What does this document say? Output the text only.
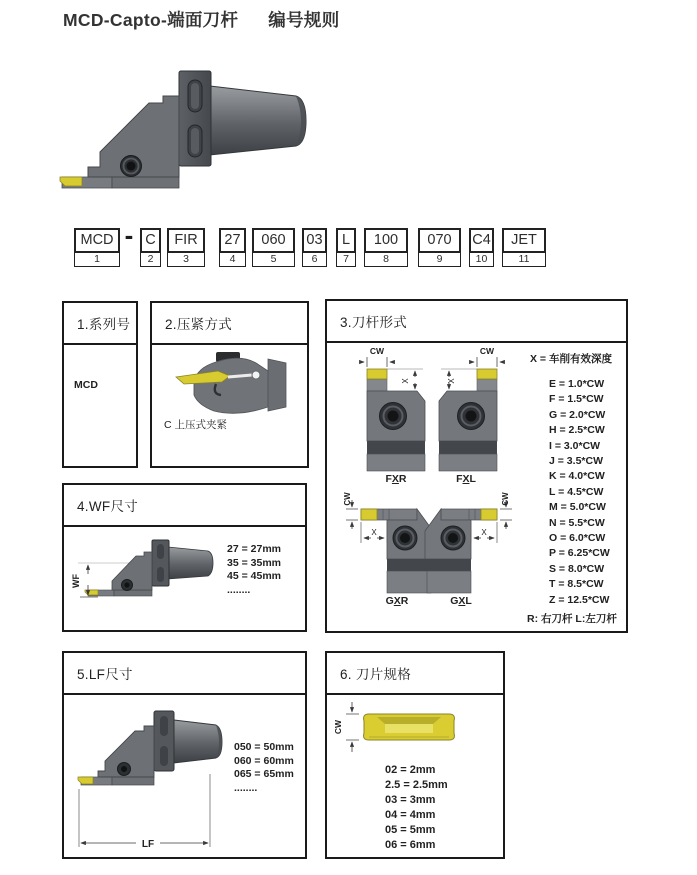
MCD-Capto-端面刀杆 编号规则
-
MCD
1
C
2
FIR
3
27
4
060
5
03
6
L
7
100
8
070
9
C4
10
JET
11
1.系列号
MCD
2.压紧方式
C 上压式夹紧
3.刀杆形式
CW	CW
X	X
FXR	FXL
CW	CW
X	X
GXR	GXL
X = 车削有效深度
E = 1.0*CW
F = 1.5*CW
G = 2.0*CW
H = 2.5*CW
I = 3.0*CW
J = 3.5*CW
K = 4.0*CW
L = 4.5*CW
M = 5.0*CW
N = 5.5*CW
O = 6.0*CW
P = 6.25*CW
S = 8.0*CW
T = 8.5*CW
Z = 12.5*CW
R: 右刀杆 L:左刀杆
4.WF尺寸
WF
27 = 27mm
35 = 35mm
45 = 45mm
........
5.LF尺寸
LF
050 = 50mm
060 = 60mm
065 = 65mm
........
6. 刀片规格
CW
02 = 2mm
2.5 = 2.5mm
03 = 3mm
04 = 4mm
05 = 5mm
06 = 6mm
